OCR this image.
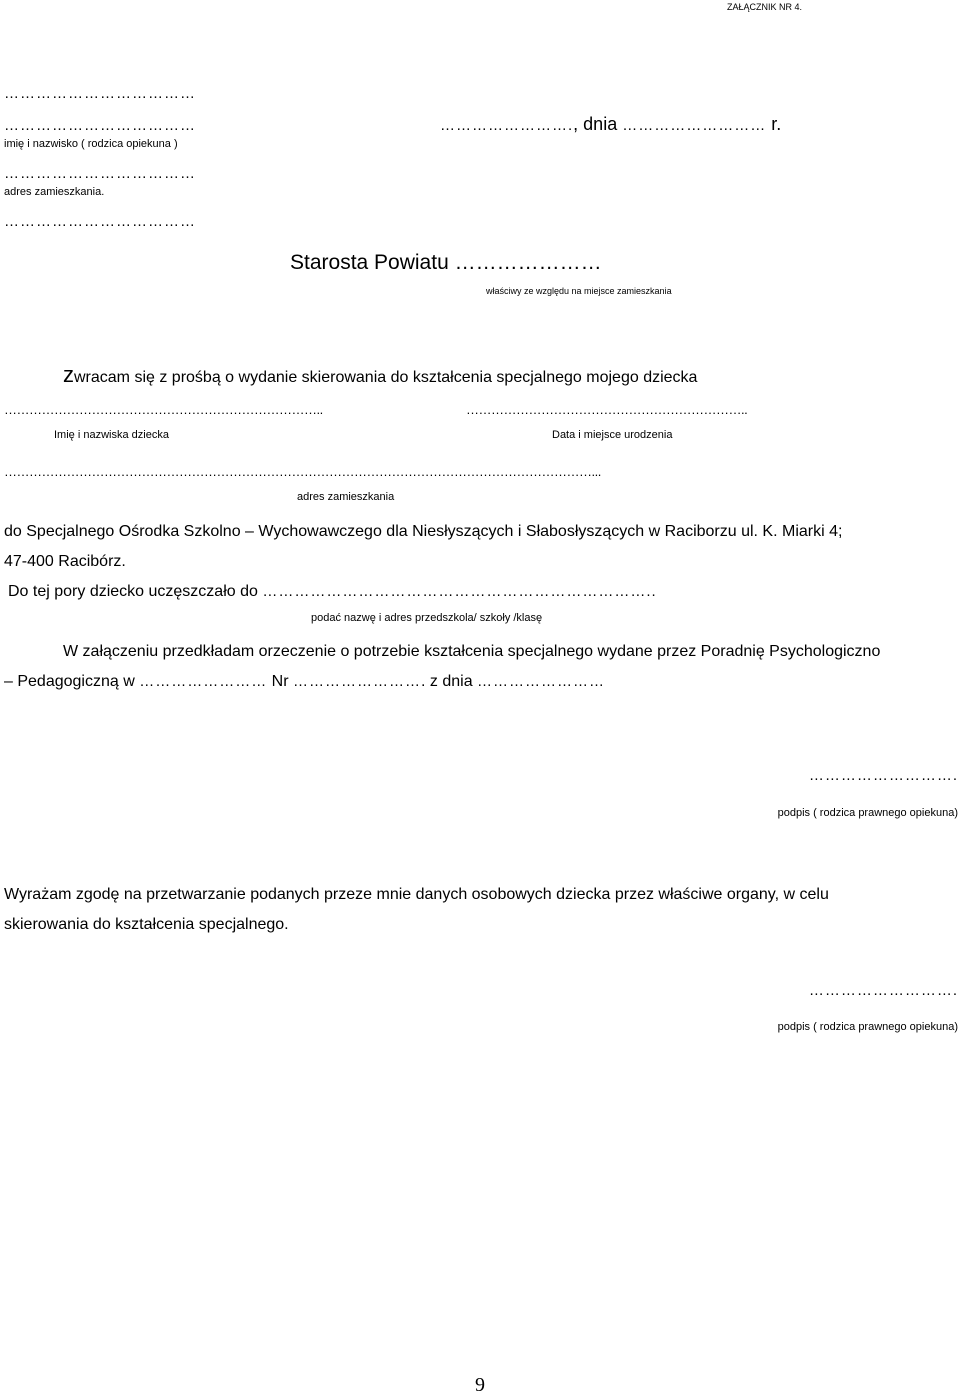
ZAŁĄCZNIK NR 4.
………………………………
………………………………
imię i nazwisko ( rodzica opiekuna )
………………………………
adres zamieszkania.
………………………………
……………………., dnia ……………………… r.
Starosta Powiatu …………………
właściwy ze względu na miejsce zamieszkania
zwracam się z prośbą o wydanie skierowania do kształcenia specjalnego mojego dziecka
…………………………………………………………………..
Imię i nazwiska dziecka
…………………………………………………………..
Data i miejsce urodzenia
……………………………………………………………………………………………………………………………...
adres zamieszkania
do Specjalnego Ośrodka Szkolno – Wychowawczego dla Niesłyszących i Słabosłyszących w Raciborzu ul. K. Miarki 4;
47-400 Racibórz.
Do tej pory dziecko uczęszczało do ………………………………………………………………..
podać nazwę i adres przedszkola/ szkoły /klasę
W załączeniu przedkładam orzeczenie o potrzebie kształcenia specjalnego wydane przez Poradnię Psychologiczno
– Pedagogiczną w …………………… Nr ……………………. z dnia ……………………
……………………….
podpis ( rodzica prawnego opiekuna)
Wyrażam zgodę na przetwarzanie podanych przeze mnie danych osobowych dziecka przez właściwe organy, w celu
skierowania do kształcenia specjalnego.
……………………….
podpis ( rodzica prawnego opiekuna)
9
